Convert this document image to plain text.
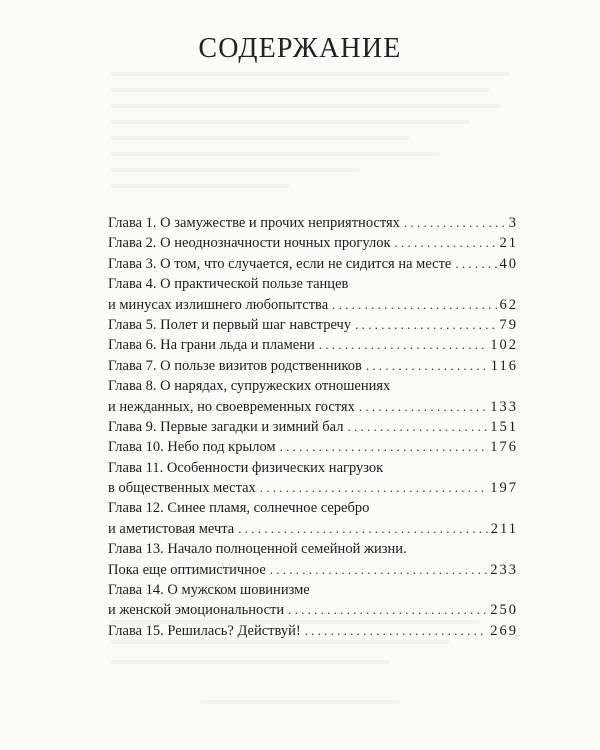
СОДЕРЖАНИЕ
Глава 1. О замужестве и прочих неприятностях . . .	3
Глава 2. О неоднозначности ночных прогулок . . .	21
Глава 3. О том, что случается, если не сидится на месте . . .	40
Глава 4. О практической пользе танцев
и минусах излишнего любопытства . . .	62
Глава 5. Полет и первый шаг навстречу . . .	79
Глава 6. На грани льда и пламени . . .	102
Глава 7. О пользе визитов родственников . . .	116
Глава 8. О нарядах, супружеских отношениях
и нежданных, но своевременных гостях . . .	133
Глава 9. Первые загадки и зимний бал . . .	151
Глава 10. Небо под крылом . . .	176
Глава 11. Особенности физических нагрузок
в общественных местах . . .	197
Глава 12. Синее пламя, солнечное серебро
и аметистовая мечта . . .	211
Глава 13. Начало полноценной семейной жизни.
Пока еще оптимистичное . . .	233
Глава 14. О мужском шовинизме
и женской эмоциональности . . .	250
Глава 15. Решилась? Действуй! . . .	269
